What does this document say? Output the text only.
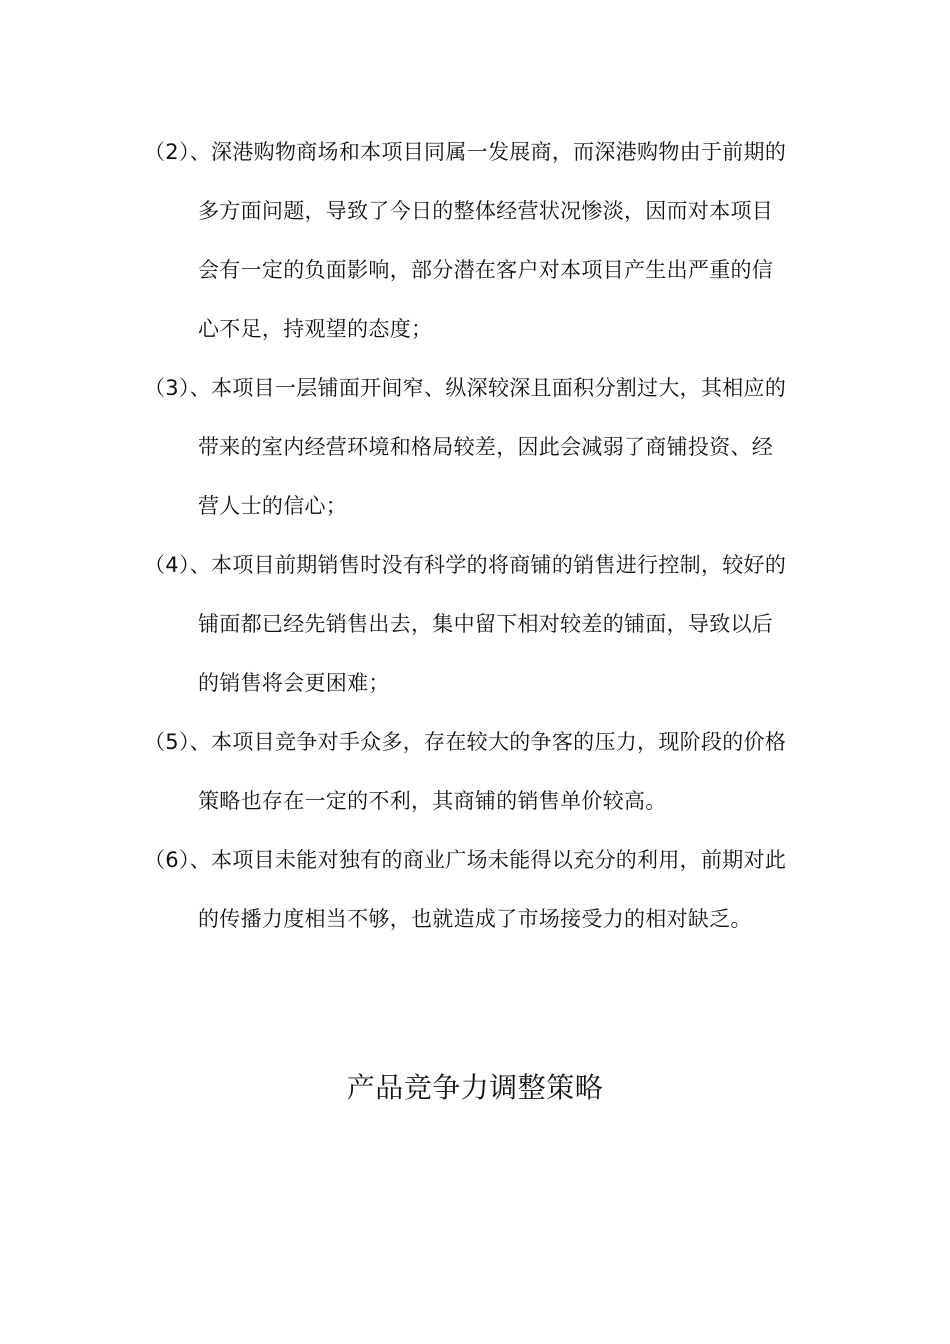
（2）、深港购物商场和本项目同属一发展商，而深港购物由于前期的
多方面问题，导致了今日的整体经营状况惨淡，因而对本项目
会有一定的负面影响，部分潜在客户对本项目产生出严重的信
心不足，持观望的态度；
（3）、本项目一层铺面开间窄、纵深较深且面积分割过大，其相应的
带来的室内经营环境和格局较差，因此会减弱了商铺投资、经
营人士的信心；
（4）、本项目前期销售时没有科学的将商铺的销售进行控制，较好的
铺面都已经先销售出去，集中留下相对较差的铺面，导致以后
的销售将会更困难；
（5）、本项目竞争对手众多，存在较大的争客的压力，现阶段的价格
策略也存在一定的不利，其商铺的销售单价较高。
（6）、本项目未能对独有的商业广场未能得以充分的利用，前期对此
的传播力度相当不够，也就造成了市场接受力的相对缺乏。
产品竞争力调整策略
